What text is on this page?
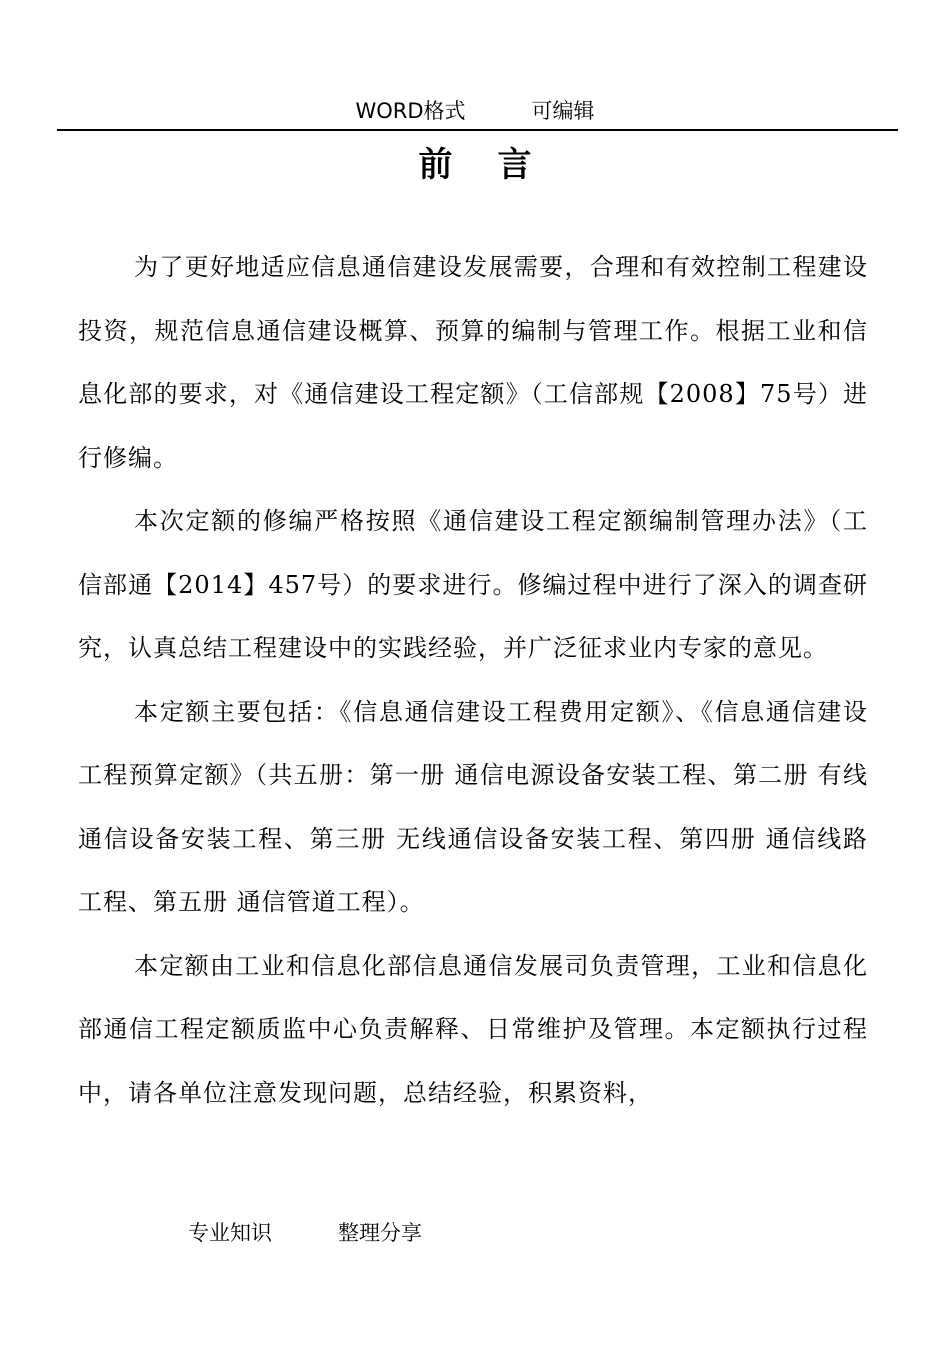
WORD格式	可编辑
前言

为了更好地适应信息通信建设发展需要，合理和有效控制工程建设投资，规范信息通信建设概算、预算的编制与管理工作。根据工业和信息化部的要求，对《通信建设工程定额》（工信部规【2008】75号）进行修编。

本次定额的修编严格按照《通信建设工程定额编制管理办法》（工信部通【2014】457号）的要求进行。修编过程中进行了深入的调查研究，认真总结工程建设中的实践经验，并广泛征求业内专家的意见。

本定额主要包括：《信息通信建设工程费用定额》、《信息通信建设工程预算定额》（共五册：第一册 通信电源设备安装工程、第二册 有线通信设备安装工程、第三册 无线通信设备安装工程、第四册 通信线路工程、第五册 通信管道工程）。

本定额由工业和信息化部信息通信发展司负责管理，工业和信息化部通信工程定额质监中心负责解释、日常维护及管理。本定额执行过程中，请各单位注意发现问题，总结经验，积累资料，

专业知识	整理分享
